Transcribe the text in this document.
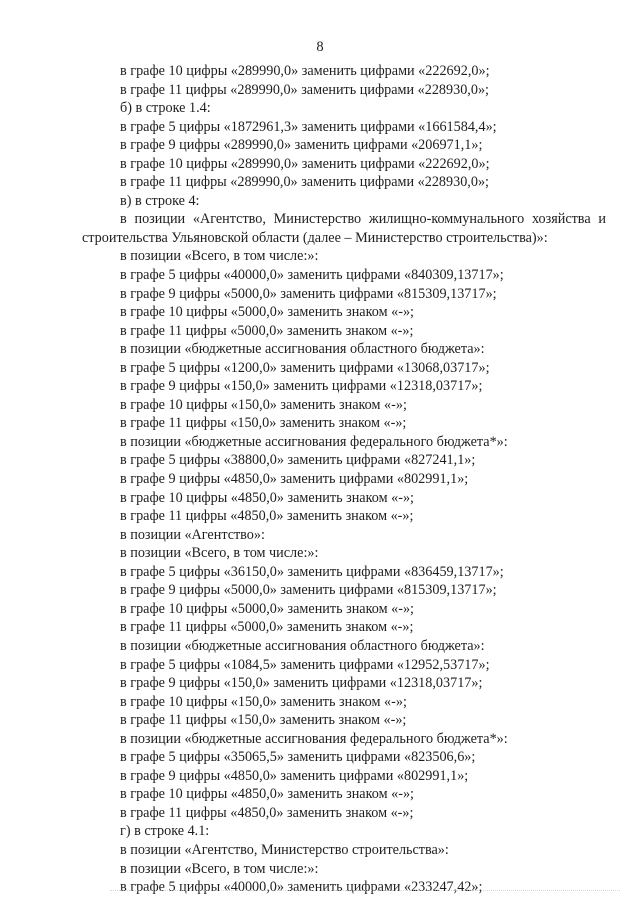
8
в графе 10 цифры «289990,0» заменить цифрами «222692,0»;
в графе 11 цифры «289990,0» заменить цифрами «228930,0»;
б) в строке 1.4:
в графе 5 цифры «1872961,3» заменить цифрами «1661584,4»;
в графе 9 цифры «289990,0» заменить цифрами «206971,1»;
в графе 10 цифры «289990,0» заменить цифрами «222692,0»;
в графе 11 цифры «289990,0» заменить цифрами «228930,0»;
в) в строке 4:
в позиции «Агентство, Министерство жилищно-коммунального хозяйства и строительства Ульяновской области (далее – Министерство строительства)»:
в позиции «Всего, в том числе:»:
в графе 5 цифры «40000,0» заменить цифрами «840309,13717»;
в графе 9 цифры «5000,0» заменить цифрами «815309,13717»;
в графе 10 цифры «5000,0» заменить знаком «-»;
в графе 11 цифры «5000,0» заменить знаком «-»;
в позиции «бюджетные ассигнования областного бюджета»:
в графе 5 цифры «1200,0» заменить цифрами «13068,03717»;
в графе 9 цифры «150,0» заменить цифрами «12318,03717»;
в графе 10 цифры «150,0» заменить знаком «-»;
в графе 11 цифры «150,0» заменить знаком «-»;
в позиции «бюджетные ассигнования федерального бюджета*»:
в графе 5 цифры «38800,0» заменить цифрами «827241,1»;
в графе 9 цифры «4850,0» заменить цифрами «802991,1»;
в графе 10 цифры «4850,0» заменить знаком «-»;
в графе 11 цифры «4850,0» заменить знаком «-»;
в позиции «Агентство»:
в позиции «Всего, в том числе:»:
в графе 5 цифры «36150,0» заменить цифрами «836459,13717»;
в графе 9 цифры «5000,0» заменить цифрами «815309,13717»;
в графе 10 цифры «5000,0» заменить знаком «-»;
в графе 11 цифры «5000,0» заменить знаком «-»;
в позиции «бюджетные ассигнования областного бюджета»:
в графе 5 цифры «1084,5» заменить цифрами «12952,53717»;
в графе 9 цифры «150,0» заменить цифрами «12318,03717»;
в графе 10 цифры «150,0» заменить знаком «-»;
в графе 11 цифры «150,0» заменить знаком «-»;
в позиции «бюджетные ассигнования федерального бюджета*»:
в графе 5 цифры «35065,5» заменить цифрами «823506,6»;
в графе 9 цифры «4850,0» заменить цифрами «802991,1»;
в графе 10 цифры «4850,0» заменить знаком «-»;
в графе 11 цифры «4850,0» заменить знаком «-»;
г) в строке 4.1:
в позиции «Агентство, Министерство строительства»:
в позиции «Всего, в том числе:»:
в графе 5 цифры «40000,0» заменить цифрами «233247,42»;
